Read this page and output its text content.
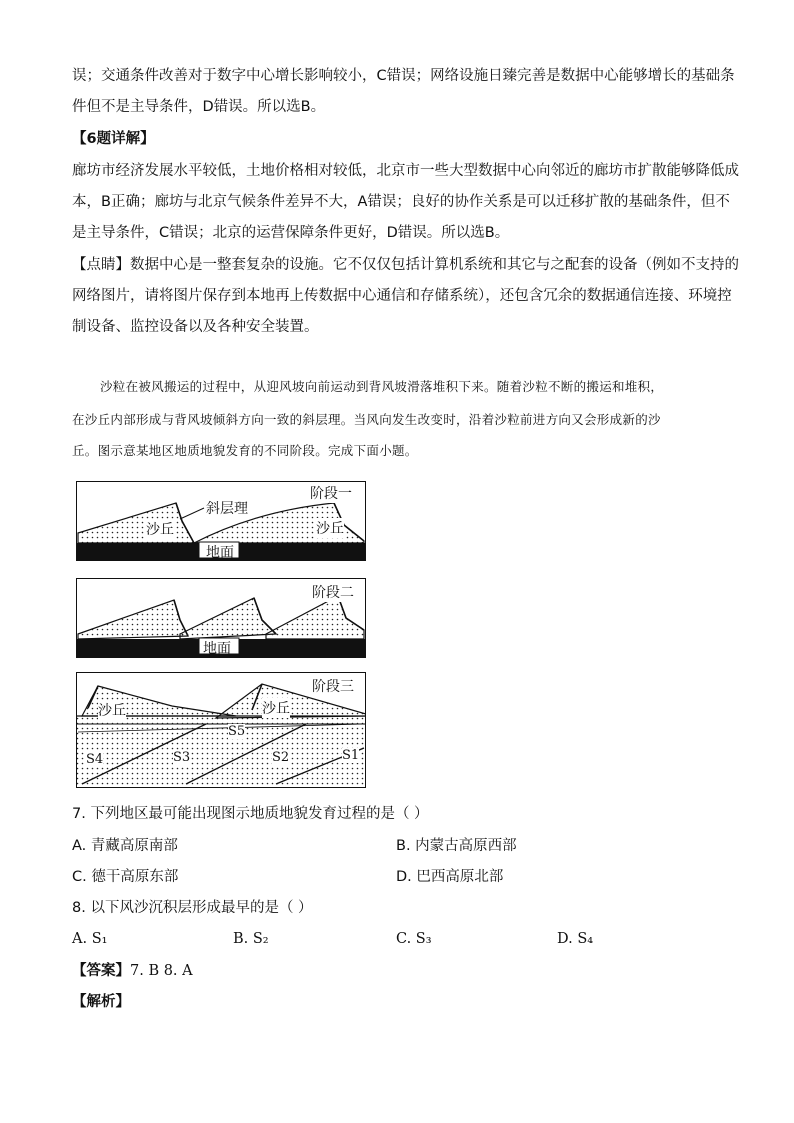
误；交通条件改善对于数字中心增长影响较小，C错误；网络设施日臻完善是数据中心能够增长的基础条
件但不是主导条件，D错误。所以选B。
【6题详解】
廊坊市经济发展水平较低，土地价格相对较低，北京市一些大型数据中心向邻近的廊坊市扩散能够降低成
本，B正确；廊坊与北京气候条件差异不大，A错误；良好的协作关系是可以迁移扩散的基础条件，但不
是主导条件，C错误；北京的运营保障条件更好，D错误。所以选B。
【点睛】数据中心是一整套复杂的设施。它不仅仅包括计算机系统和其它与之配套的设备（例如不支持的
网络图片，请将图片保存到本地再上传数据中心通信和存储系统），还包含冗余的数据通信连接、环境控
制设备、监控设备以及各种安全装置。
沙粒在被风搬运的过程中，从迎风坡向前运动到背风坡滑落堆积下来。随着沙粒不断的搬运和堆积，
在沙丘内部形成与背风坡倾斜方向一致的斜层理。当风向发生改变时，沿着沙粒前进方向又会形成新的沙
丘。图示意某地区地质地貌发育的不同阶段。完成下面小题。
阶段一
斜层理
沙丘	沙丘
地面
阶段二
地面
阶段三
沙丘	沙丘
S5
S4	S3	S2	S1
7. 下列地区最可能出现图示地质地貌发育过程的是（ ）
A. 青藏高原南部	B. 内蒙古高原西部
C. 德干高原东部	D. 巴西高原北部
8. 以下风沙沉积层形成最早的是（ ）
A. S₁	B. S₂	C. S₃	D. S₄
【答案】7. B 8. A
【解析】
